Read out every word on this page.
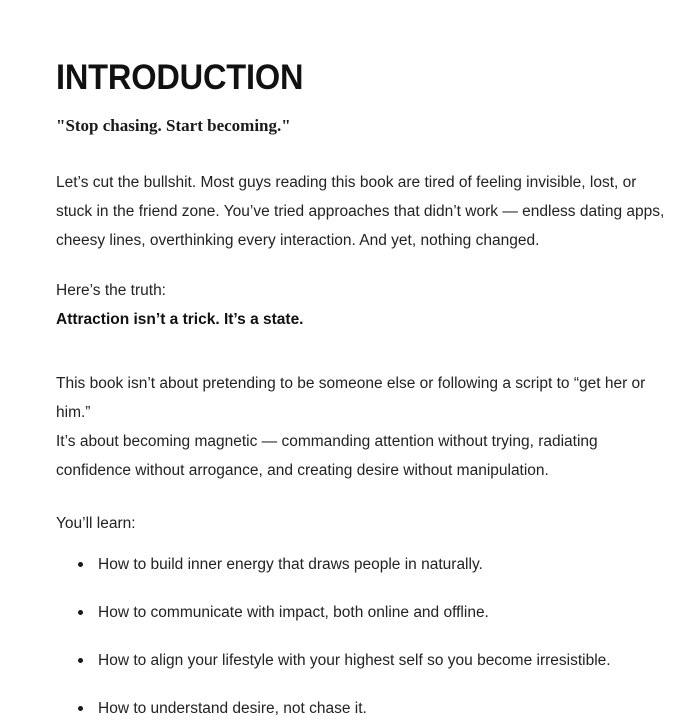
INTRODUCTION

"Stop chasing. Start becoming."

Let’s cut the bullshit. Most guys reading this book are tired of feeling invisible, lost, or stuck in the friend zone. You’ve tried approaches that didn’t work — endless dating apps, cheesy lines, overthinking every interaction. And yet, nothing changed.

Here’s the truth:
Attraction isn’t a trick. It’s a state.
This book isn’t about pretending to be someone else or following a script to “get her or him.”
It’s about becoming magnetic — commanding attention without trying, radiating confidence without arrogance, and creating desire without manipulation.

You’ll learn:

How to build inner energy that draws people in naturally.
How to communicate with impact, both online and offline.
How to align your lifestyle with your highest self so you become irresistible.
How to understand desire, not chase it.
